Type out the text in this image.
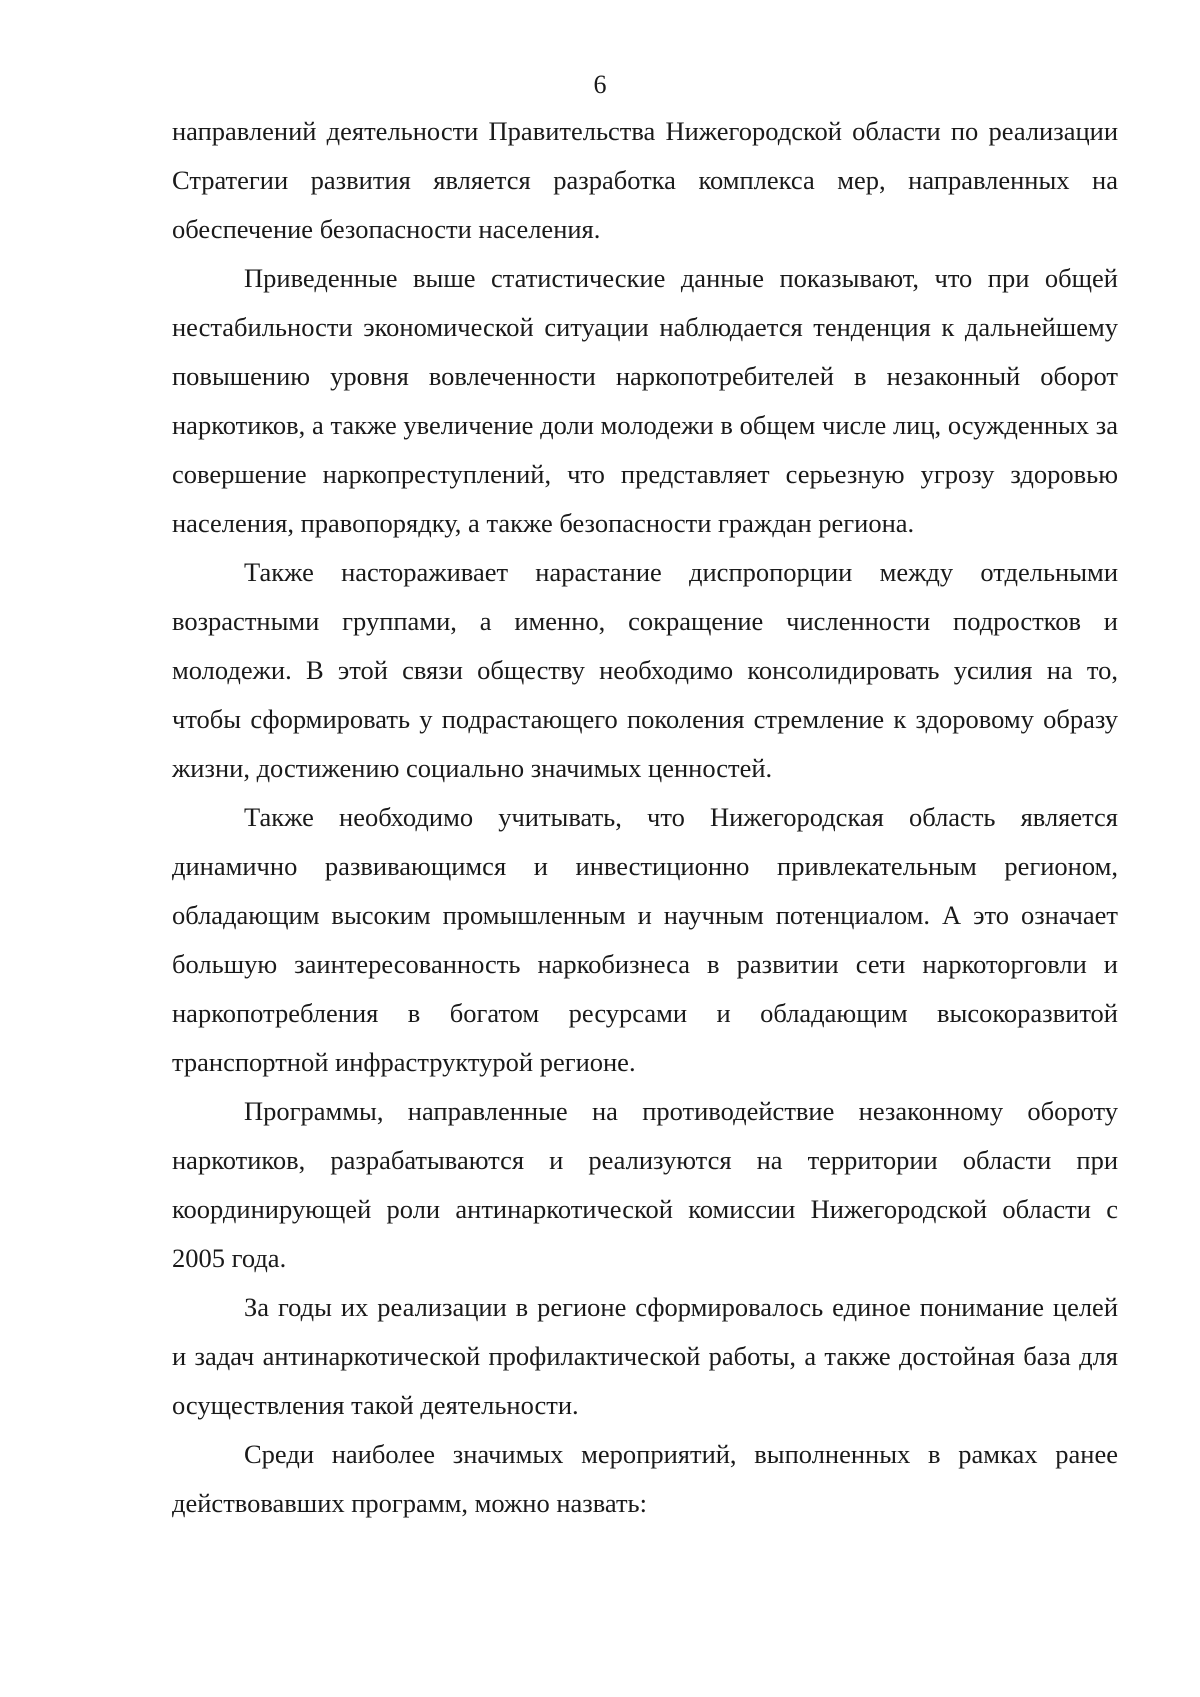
6

направлений деятельности Правительства Нижегородской области по реализации Стратегии развития является разработка комплекса мер, направленных на обеспечение безопасности населения.

Приведенные выше статистические данные показывают, что при общей нестабильности экономической ситуации наблюдается тенденция к дальнейшему повышению уровня вовлеченности наркопотребителей в незаконный оборот наркотиков, а также увеличение доли молодежи в общем числе лиц, осужденных за совершение наркопреступлений, что представляет серьезную угрозу здоровью населения, правопорядку, а также безопасности граждан региона.

Также настораживает нарастание диспропорции между отдельными возрастными группами, а именно, сокращение численности подростков и молодежи. В этой связи обществу необходимо консолидировать усилия на то, чтобы сформировать у подрастающего поколения стремление к здоровому образу жизни, достижению социально значимых ценностей.

Также необходимо учитывать, что Нижегородская область является динамично развивающимся и инвестиционно привлекательным регионом, обладающим высоким промышленным и научным потенциалом. А это означает большую заинтересованность наркобизнеса в развитии сети наркоторговли и наркопотребления в богатом ресурсами и обладающим высокоразвитой транспортной инфраструктурой регионе.

Программы, направленные на противодействие незаконному обороту наркотиков, разрабатываются и реализуются на территории области при координирующей роли антинаркотической комиссии Нижегородской области с 2005 года.

За годы их реализации в регионе сформировалось единое понимание целей и задач антинаркотической профилактической работы, а также достойная база для осуществления такой деятельности.

Среди наиболее значимых мероприятий, выполненных в рамках ранее действовавших программ, можно назвать:
